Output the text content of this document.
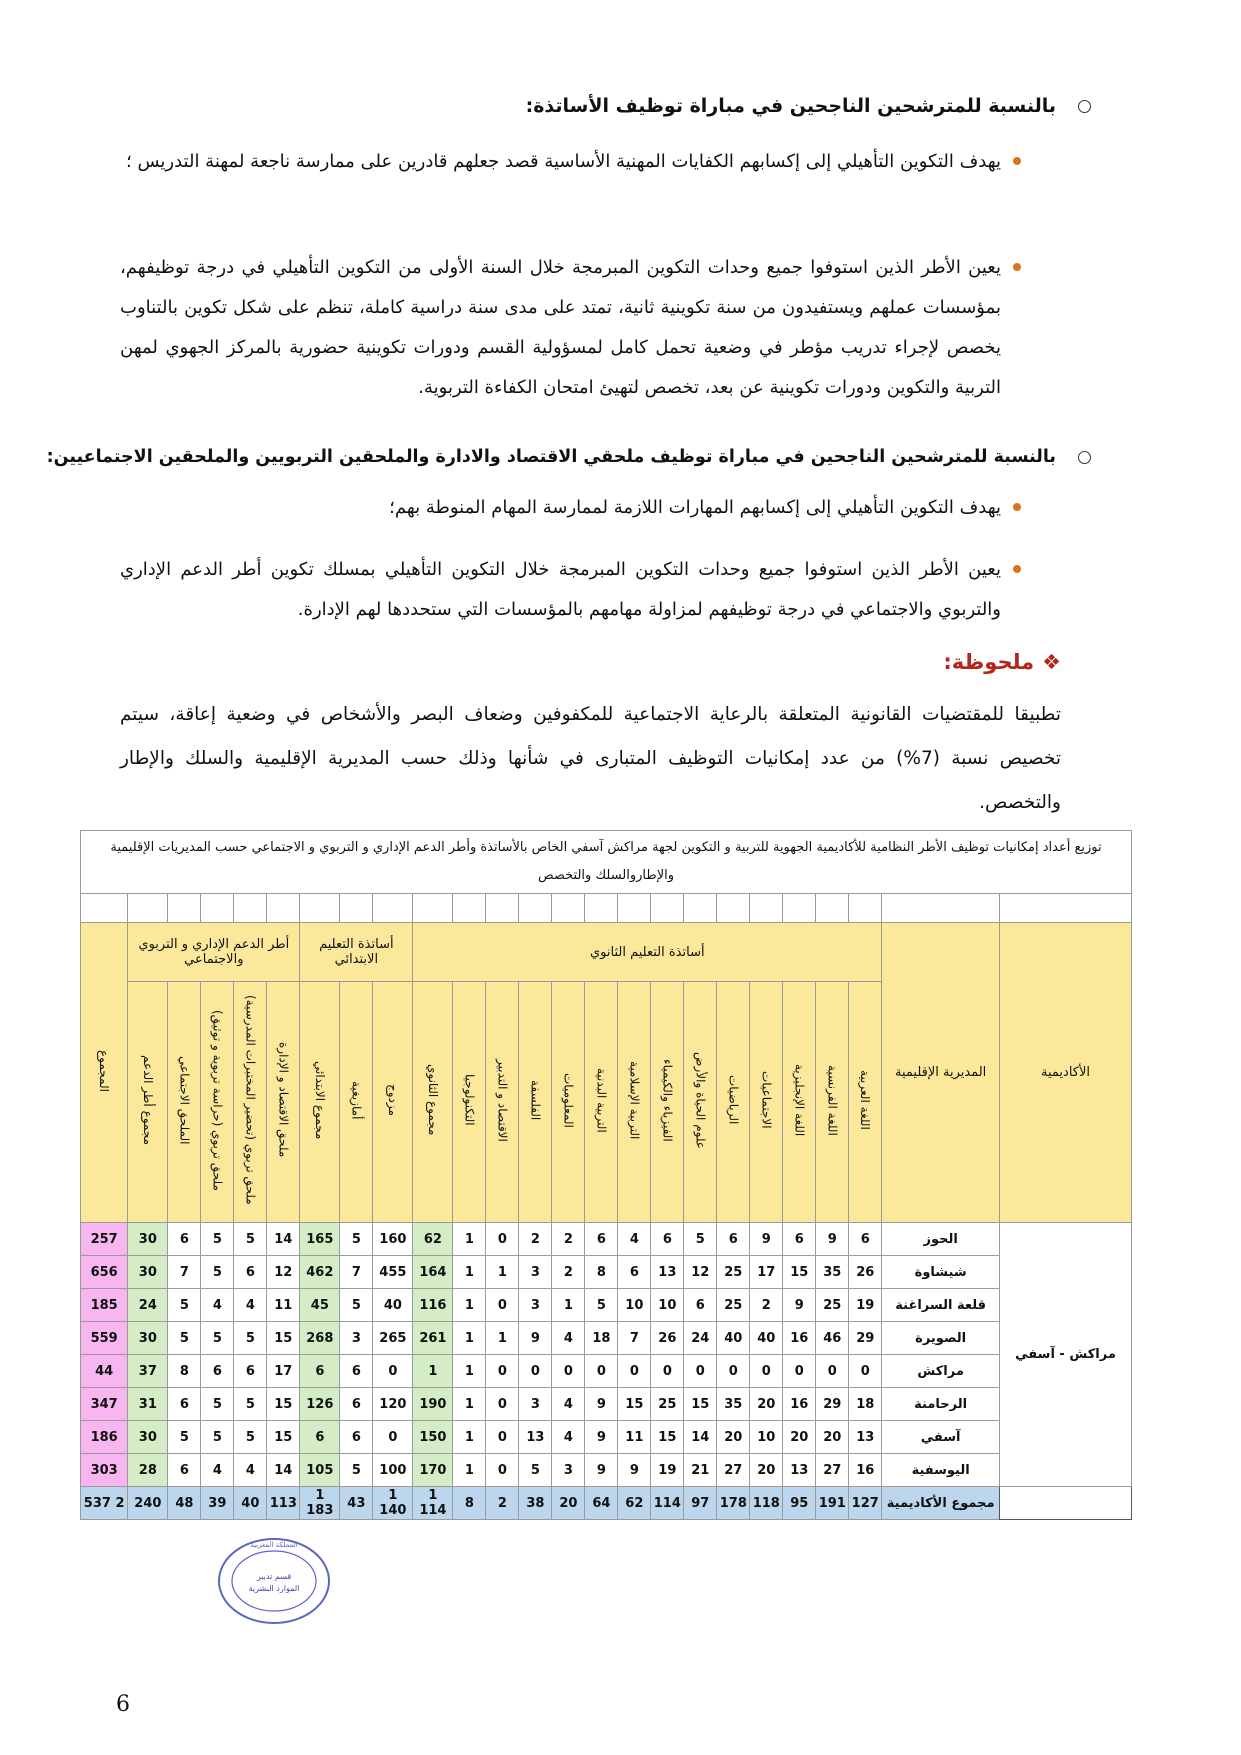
بالنسبة للمترشحين الناجحين في مباراة توظيف الأساتذة:
يهدف التكوين التأهيلي إلى إكسابهم الكفايات المهنية الأساسية قصد جعلهم قادرين على ممارسة ناجعة لمهنة التدريس ؛
يعين الأطر الذين استوفوا جميع وحدات التكوين المبرمجة خلال السنة الأولى من التكوين التأهيلي في درجة توظيفهم، بمؤسسات عملهم ويستفيدون من سنة تكوينية ثانية، تمتد على مدى سنة دراسية كاملة، تنظم على شكل تكوين بالتناوب يخصص لإجراء تدريب مؤطر في وضعية تحمل كامل لمسؤولية القسم ودورات تكوينية حضورية بالمركز الجهوي لمهن التربية والتكوين ودورات تكوينية عن بعد، تخصص لتهيئ امتحان الكفاءة التربوية.
بالنسبة للمترشحين الناجحين في مباراة توظيف ملحقي الاقتصاد والادارة والملحقين التربويين والملحقين الاجتماعيين:
يهدف التكوين التأهيلي إلى إكسابهم المهارات اللازمة لممارسة المهام المنوطة بهم؛
يعين الأطر الذين استوفوا جميع وحدات التكوين المبرمجة خلال التكوين التأهيلي بمسلك تكوين أطر الدعم الإداري والتربوي والاجتماعي في درجة توظيفهم لمزاولة مهامهم بالمؤسسات التي ستحددها لهم الإدارة.
❖ملحوظة:
تطبيقا للمقتضيات القانونية المتعلقة بالرعاية الاجتماعية للمكفوفين وضعاف البصر والأشخاص في وضعية إعاقة، سيتم تخصيص نسبة (7%) من عدد إمكانيات التوظيف المتبارى في شأنها وذلك حسب المديرية الإقليمية والسلك والإطار والتخصص.
توزيع أعداد إمكانيات توظيف الأطر النظامية للأكاديمية الجهوية للتربية و التكوين لجهة مراكش آسفي الخاص بالأساتذة وأطر الدعم الإداري و التربوي و الاجتماعي حسب المديريات الإقليمية والإطاروالسلك والتخصص																								

الأكاديمية	المديرية الإقليمية	أساتذة التعليم الثانوي														أساتذة التعليم الابتدائي			أطر الدعم الإداري و التربوي والاجتماعي					المجموع
		اللغة العربية	اللغة الفرنسية	اللغة الإنجليزية	الاجتماعيات	الرياضيات	علوم الحياة والأرض	الفيزياء والكيمياء	التربية الإسلامية	التربية البدنية	المعلوميات	الفلسفة	الاقتصاد و التدبير	التكنولوجيا	مجموع الثانوي	مزدوج	أمازيغية	مجموع الابتدائي	ملحق الاقتصاد و الإدارة	ملحق تربوي (تحضير المختبرات المدرسية)	ملحق تربوي (حراسة تربوية و توثيق)	الملحق الاجتماعي	مجموع أطر الدعم	
مراكش - آسفي	الحوز	6	9	6	9	6	5	6	4	6	2	2	0	1	62	160	5	165	14	5	5	6	30	257
	شيشاوة	26	35	15	17	25	12	13	6	8	2	3	1	1	164	455	7	462	12	6	5	7	30	656
	قلعة السراغنة	19	25	9	2	25	6	10	10	5	1	3	0	1	116	40	5	45	11	4	4	5	24	185
	الصويرة	29	46	16	40	40	24	26	7	18	4	9	1	1	261	265	3	268	15	5	5	5	30	559
	مراكش	0	0	0	0	0	0	0	0	0	0	0	0	1	1	0	6	6	17	6	6	8	37	44
	الرحامنة	18	29	16	20	35	15	25	15	9	4	3	0	1	190	120	6	126	15	5	5	6	31	347
	آسفي	13	20	20	10	20	14	15	11	9	4	13	0	1	150	0	6	6	15	5	5	5	30	186
	اليوسفية	16	27	13	20	27	21	19	9	9	3	5	0	1	170	100	5	105	14	4	4	6	28	303
	مجموع الأكاديمية	127	191	95	118	178	97	114	62	64	20	38	2	8	1 114	1 140	43	1 183	113	40	39	48	240	2 537
المملكة المغربية
قسم تدبير
الموارد البشرية
6
